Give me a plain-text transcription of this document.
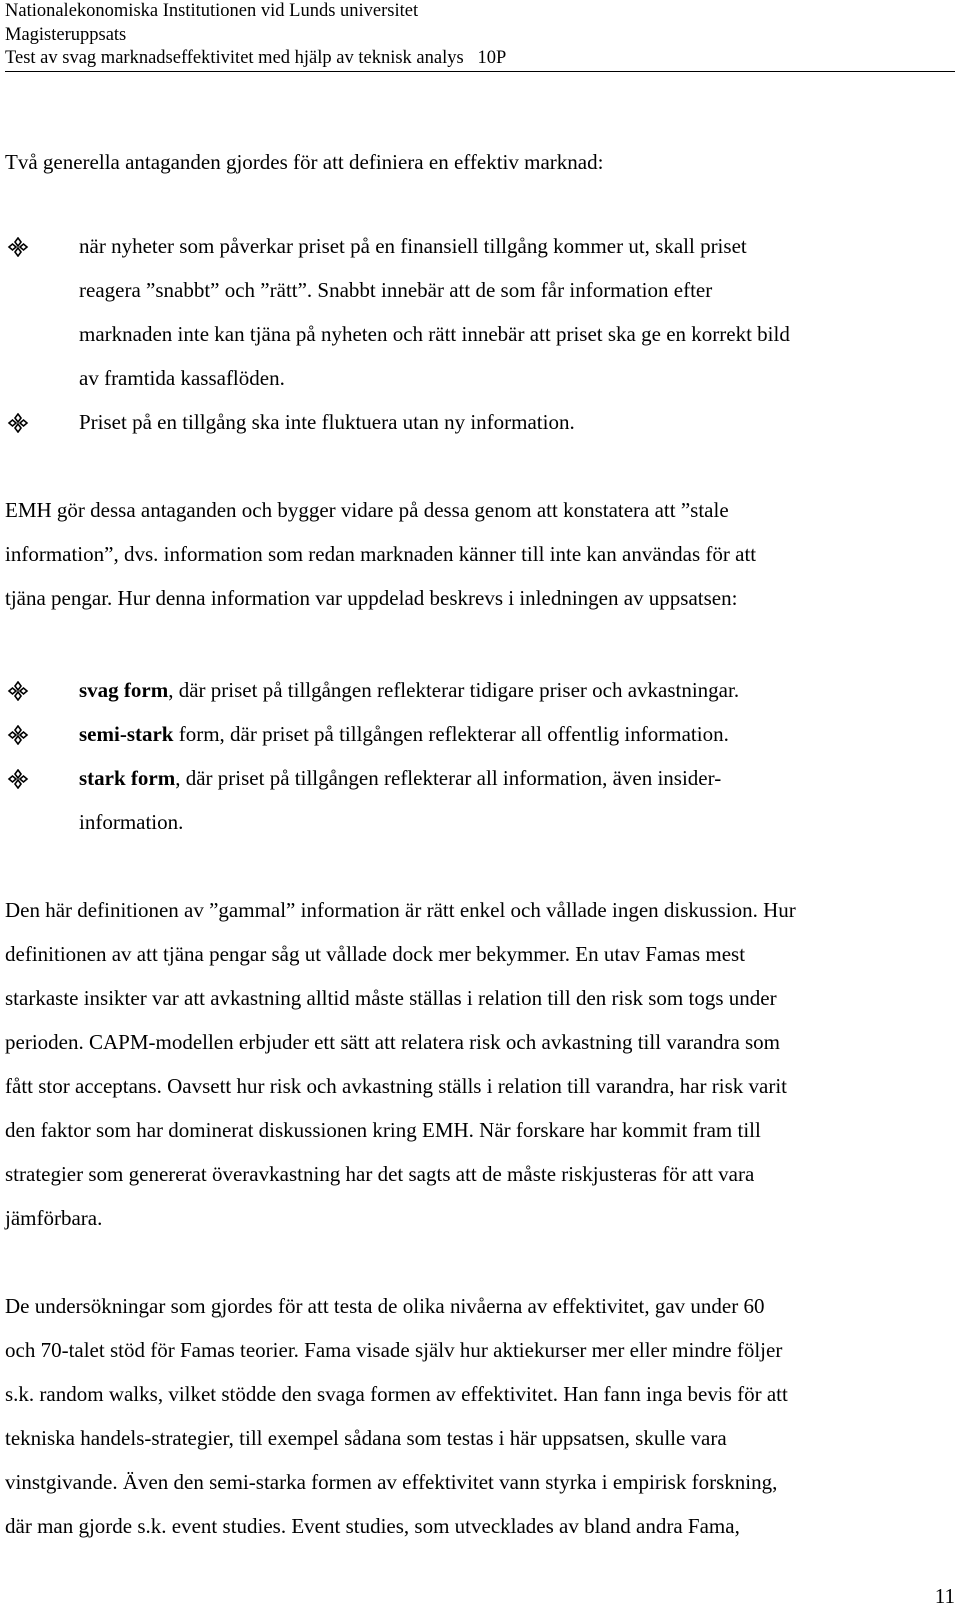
Nationalekonomiska Institutionen vid Lunds universitet
Magisteruppsats
Test av svag marknadseffektivitet med hjälp av teknisk analys   10P

Två generella antaganden gjordes för att definiera en effektiv marknad:

när nyheter som påverkar priset på en finansiell tillgång kommer ut, skall priset
reagera ”snabbt” och ”rätt”. Snabbt innebär att de som får information efter
marknaden inte kan tjäna på nyheten och rätt innebär att priset ska ge en korrekt bild
av framtida kassaflöden.
Priset på en tillgång ska inte fluktuera utan ny information.

EMH gör dessa antaganden och bygger vidare på dessa genom att konstatera att ”stale

information”, dvs. information som redan marknaden känner till inte kan användas för att

tjäna pengar. Hur denna information var uppdelad beskrevs i inledningen av uppsatsen:

svag form, där priset på tillgången reflekterar tidigare priser och avkastningar.
semi-stark form, där priset på tillgången reflekterar all offentlig information.
stark form, där priset på tillgången reflekterar all information, även insider-
information.

Den här definitionen av ”gammal” information är rätt enkel och vållade ingen diskussion. Hur

definitionen av att tjäna pengar såg ut vållade dock mer bekymmer. En utav Famas mest

starkaste insikter var att avkastning alltid måste ställas i relation till den risk som togs under

perioden. CAPM-modellen erbjuder ett sätt att relatera risk och avkastning till varandra som

fått stor acceptans. Oavsett hur risk och avkastning ställs i relation till varandra, har risk varit

den faktor som har dominerat diskussionen kring EMH. När forskare har kommit fram till

strategier som genererat överavkastning har det sagts att de måste riskjusteras för att vara

jämförbara.

De undersökningar som gjordes för att testa de olika nivåerna av effektivitet, gav under 60

och 70-talet stöd för Famas teorier. Fama visade själv hur aktiekurser mer eller mindre följer

s.k. random walks, vilket stödde den svaga formen av effektivitet. Han fann inga bevis för att

tekniska handels-strategier, till exempel sådana som testas i här uppsatsen, skulle vara

vinstgivande. Även den semi-starka formen av effektivitet vann styrka i empirisk forskning,

där man gjorde s.k. event studies. Event studies, som utvecklades av bland andra Fama,

11
